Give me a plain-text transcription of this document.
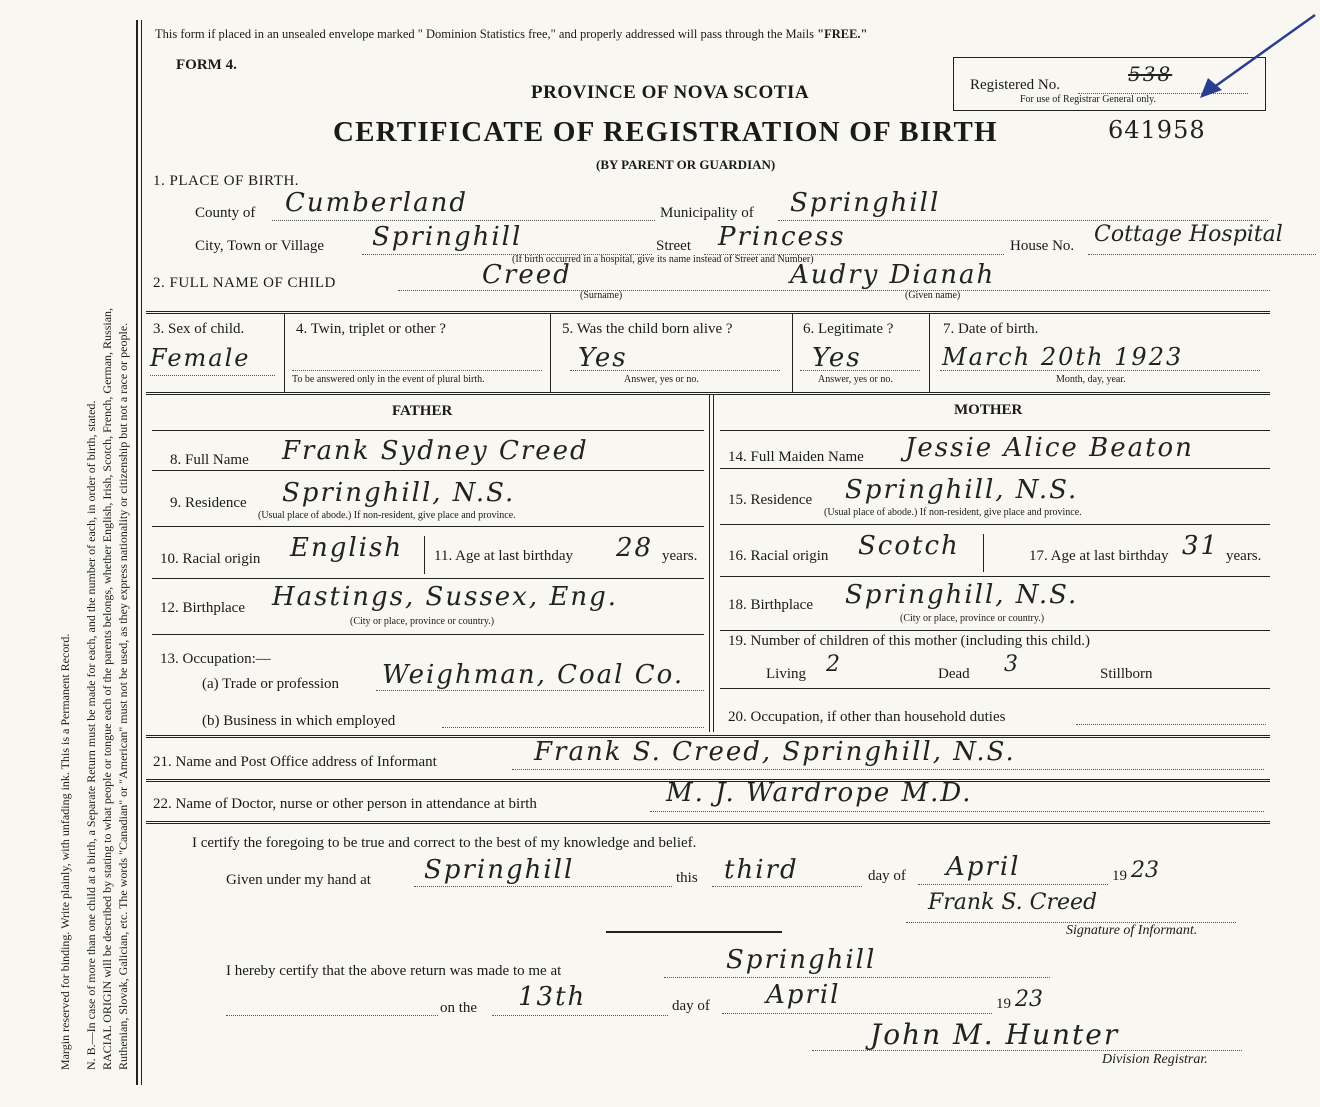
Margin reserved for binding. Write plainly, with unfading ink. This is a Permanent Record. N. B.—In case of more than one child at a birth, a Separate Return must be made for each, and the number of each, in order of birth, stated. RACIAL ORIGIN will be described by stating to what people or tongue each of the parents belongs, whether English, Irish, Scotch, French, German, Russian, Ruthenian, Slovak, Galician, etc. The words "Canadian" or "American" must not be used, as they express nationality or citizenship but not a race or people.
This form if placed in an unsealed envelope marked " Dominion Statistics free," and properly addressed will pass through the Mails "FREE."
FORM 4.
PROVINCE OF NOVA SCOTIA
CERTIFICATE OF REGISTRATION OF BIRTH	641958
(BY PARENT OR GUARDIAN)
Registered No.	538
For use of Registrar General only.
1. PLACE OF BIRTH.
County of Cumberland	Municipality of Springhill
City, Town or Village Springhill	Street Princess
(If birth occurred in a hospital, give its name instead of Street and Number)
House No. Cottage Hospital
2. FULL NAME OF CHILD	Creed
(Surname)
Audry Dianah
(Given name)
3. Sex of child.
Female
4. Twin, triplet or other ?
To be answered only in the event of plural birth.
5. Was the child born alive ?
Yes
Answer, yes or no.
6. Legitimate ?
Yes
Answer, yes or no.
7. Date of birth.
March 20th 1923
Month, day, year.
FATHER	MOTHER
8. Full Name Frank Sydney Creed
9. Residence Springhill, N.S.
(Usual place of abode.) If non-resident, give place and province.
10. Racial origin English 11. Age at last birthday 28 years.
12. Birthplace Hastings, Sussex, Eng.
(City or place, province or country.)
13. Occupation:—
(a) Trade or profession Weighman, Coal Co.
(b) Business in which employed
14. Full Maiden Name Jessie Alice Beaton
15. Residence Springhill, N.S.
(Usual place of abode.) If non-resident, give place and province.
16. Racial origin Scotch	17. Age at last birthday 31 years.
18. Birthplace Springhill, N.S.
(City or place, province or country.)
19. Number of children of this mother (including this child.)
Living 2	Dead 3	Stillborn
20. Occupation, if other than household duties
21. Name and Post Office address of Informant	Frank S. Creed, Springhill, N.S.
22. Name of Doctor, nurse or other person in attendance at birth	M. J. Wardrope M.D.
I certify the foregoing to be true and correct to the best of my knowledge and belief.
Given under my hand at Springhill	this third	day of April	19 23
Frank S. Creed
Signature of Informant.
I hereby certify that the above return was made to me at	Springhill
on the 13th	day of April	19 23
John M. Hunter
Division Registrar.
